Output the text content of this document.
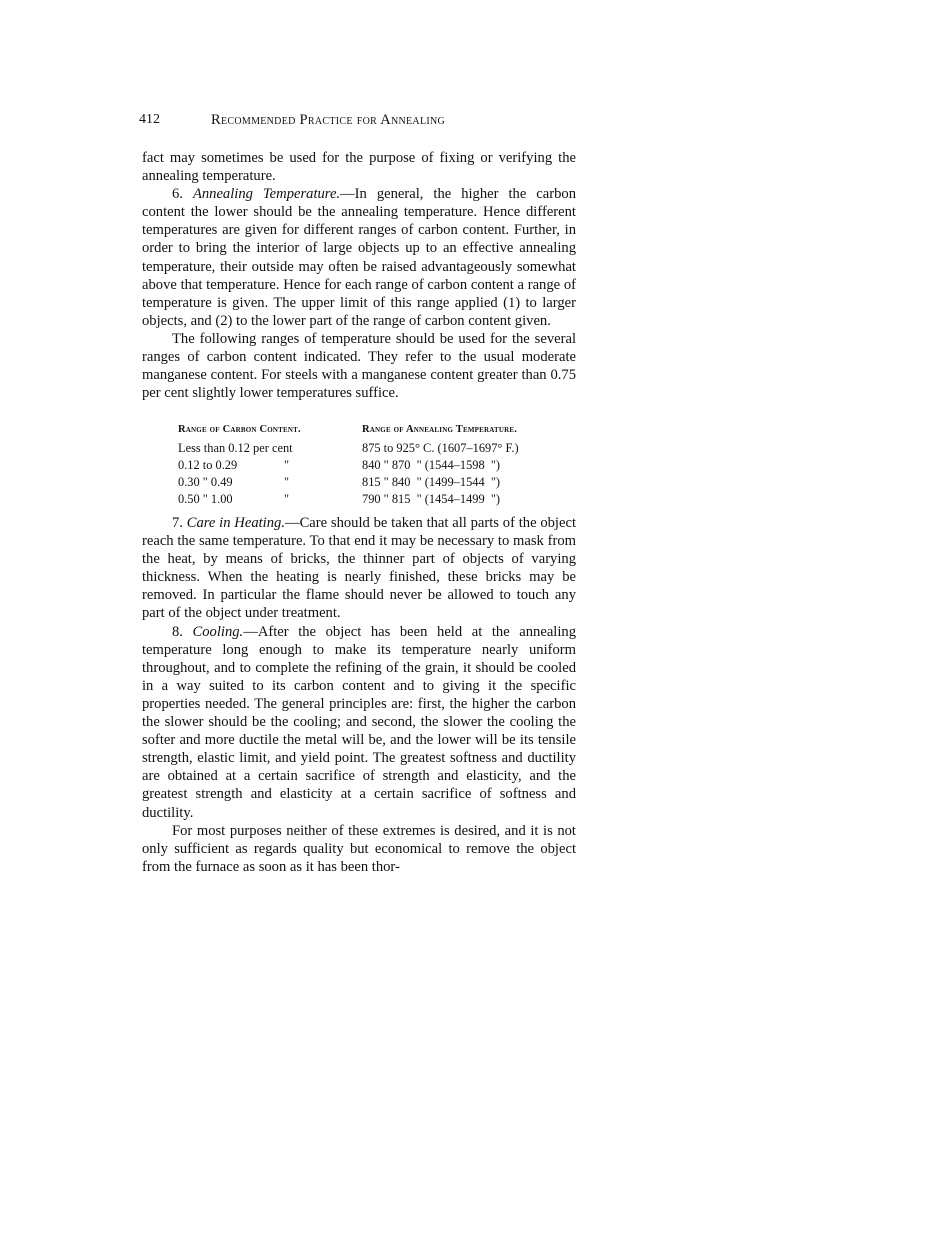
412	Recommended Practice for Annealing

fact may sometimes be used for the purpose of fixing or verifying the annealing temperature.

6. Annealing Temperature.—In general, the higher the carbon content the lower should be the annealing temperature. Hence different temperatures are given for different ranges of carbon content. Further, in order to bring the interior of large objects up to an effective annealing temperature, their outside may often be raised advantageously somewhat above that temperature. Hence for each range of carbon content a range of temperature is given. The upper limit of this range applied (1) to larger objects, and (2) to the lower part of the range of carbon content given.

The following ranges of temperature should be used for the several ranges of carbon content indicated. They refer to the usual moderate manganese content. For steels with a manganese content greater than 0.75 per cent slightly lower temperatures suffice.

Range of Carbon Content.	Range of Annealing Temperature.
Less than 0.12 per cent	875 to 925° C. (1607–1697° F.)
0.12 to 0.29	"	840 " 870  " (1544–1598  ")
0.30 " 0.49	"	815 " 840  " (1499–1544  ")
0.50 " 1.00	"	790 " 815  " (1454–1499  ")

7. Care in Heating.—Care should be taken that all parts of the object reach the same temperature. To that end it may be necessary to mask from the heat, by means of bricks, the thinner part of objects of varying thickness. When the heating is nearly finished, these bricks may be removed. In particular the flame should never be allowed to touch any part of the object under treatment.

8. Cooling.—After the object has been held at the annealing temperature long enough to make its temperature nearly uniform throughout, and to complete the refining of the grain, it should be cooled in a way suited to its carbon content and to giving it the specific properties needed. The general principles are: first, the higher the carbon the slower should be the cooling; and second, the slower the cooling the softer and more ductile the metal will be, and the lower will be its tensile strength, elastic limit, and yield point. The greatest softness and ductility are obtained at a certain sacrifice of strength and elasticity, and the greatest strength and elasticity at a certain sacrifice of softness and ductility.

For most purposes neither of these extremes is desired, and it is not only sufficient as regards quality but economical to remove the object from the furnace as soon as it has been thor-
